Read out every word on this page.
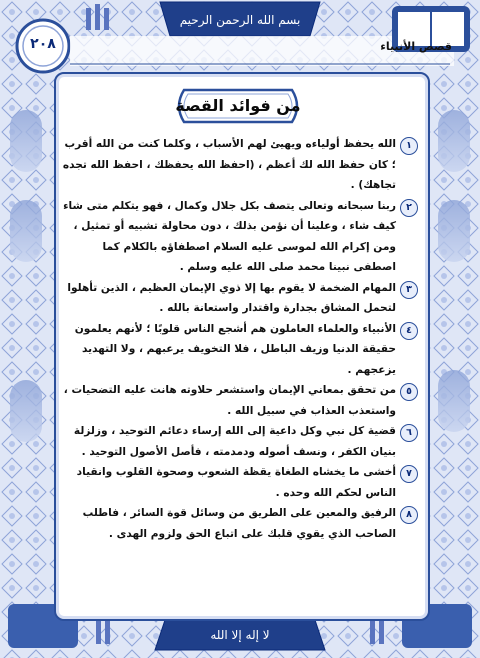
بسم الله الرحمن الرحيم
٢٠٨	قصص الأنبياء
من فوائد القصة

١
الله يحفظ أولياءه ويهيئ لهم الأسباب ، وكلما كنت من الله أقرب ؛ كان حفظ الله لك أعظم ، (احفظ الله يحفظك ، احفظ الله تجده تجاهك) .

٢
ربنا سبحانه وتعالى يتصف بكل جلال وكمال ، فهو يتكلم متى شاء كيف شاء ، وعلينا أن نؤمن بذلك ، دون محاولة تشبيه أو تمثيل ، ومن إكرام الله لموسى عليه السلام اصطفاؤه بالكلام كما اصطفى نبينا محمد صلى الله عليه وسلم .

٣
المهام الضخمة لا يقوم بها إلا ذوي الإيمان العظيم ، الذين تأهلوا لتحمل المشاق بجدارة واقتدار واستعانة بالله .

٤
الأنبياء والعلماء العاملون هم أشجع الناس قلوبًا ؛ لأنهم يعلمون حقيقة الدنيا وزيف الباطل ، فلا التخويف يرعبهم ، ولا التهديد يزعجهم .

٥
من تحقق بمعاني الإيمان واستشعر حلاوته هانت عليه التضحيات ، واستعذب العذاب في سبيل الله .

٦
قضية كل نبي وكل داعية إلى الله إرساء دعائم التوحيد ، وزلزلة بنيان الكفر ، ونسف أصوله ودمدمته ، فأصل الأصول التوحيد .

٧
أخشى ما يخشاه الطغاة يقظة الشعوب وصحوة القلوب وانقياد الناس لحكم الله وحده .

٨
الرفيق والمعين على الطريق من وسائل قوة السائر ، فاطلب الصاحب الذي يقوي قلبك على اتباع الحق ولزوم الهدى .

لا إله إلا الله
